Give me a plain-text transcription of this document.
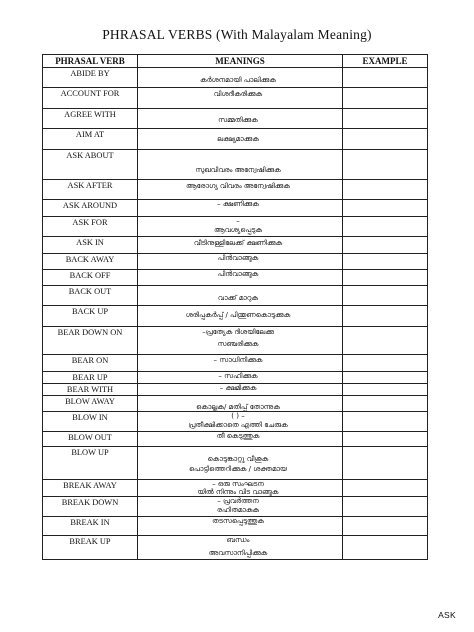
PHRASAL VERBS (With Malayalam Meaning)
PHRASAL VERB	MEANINGS	EXAMPLE
ABIDE BY	കർശനമായി പാലിക്കുക	

ACCOUNT FOR	വിശദീകരിക്കുക	

AGREE WITH	സമ്മതിക്കുക	

AIM AT	ലക്ഷ്യമാക്കുക	

ASK ABOUT	സുഖവിവരം അന്വേഷിക്കുക	

ASK AFTER	ആരോഗ്യ വിവരം അന്വേഷിക്കുക	

ASK AROUND	– ക്ഷണിക്കുക	

ASK FOR	–
ആവശ്യപ്പെടുക	

ASK IN	വീടിനുള്ളിലേക്ക് ക്ഷണിക്കുക	

BACK AWAY	പിൻവാങ്ങുക	

BACK OFF	പിൻവാങ്ങുക	

BACK OUT	വാക്ക് മാറുക	

BACK UP	ശരിപ്പകർപ്പ് / പിന്തുണകൊടുക്കുക	

BEAR DOWN ON	–പ്രത്യേക ദിശയിലേക്കു
സഞ്ചരിക്കുക	

BEAR ON	– സാധിനിക്കുക	

BEAR UP	– സഹിക്കുക	

BEAR WITH	– ക്ഷമിക്കുക	

BLOW AWAY	കൊല്ലുക/ മതിപ്പ് തോന്നുക	

BLOW IN	( ) –
പ്രതീക്ഷിക്കാതെ എത്തി ചേരുക	

BLOW OUT	തീ കെടുത്തുക	

BLOW UP	പൊട്ടിത്തെറിക്കുക / ശക്തമായ
കൊടുങ്കാറ്റു വീശുക	

BREAK AWAY	– ഒരു സംഘടന
യിൽ നിന്നും വിട വാങ്ങുക	

BREAK DOWN	– പ്രവർത്തന
രഹിതമാകുക	

BREAK IN	തടസപ്പെടുത്തുക	

BREAK UP	ബന്ധം
അവസാനിപ്പിക്കുക	

ASK
